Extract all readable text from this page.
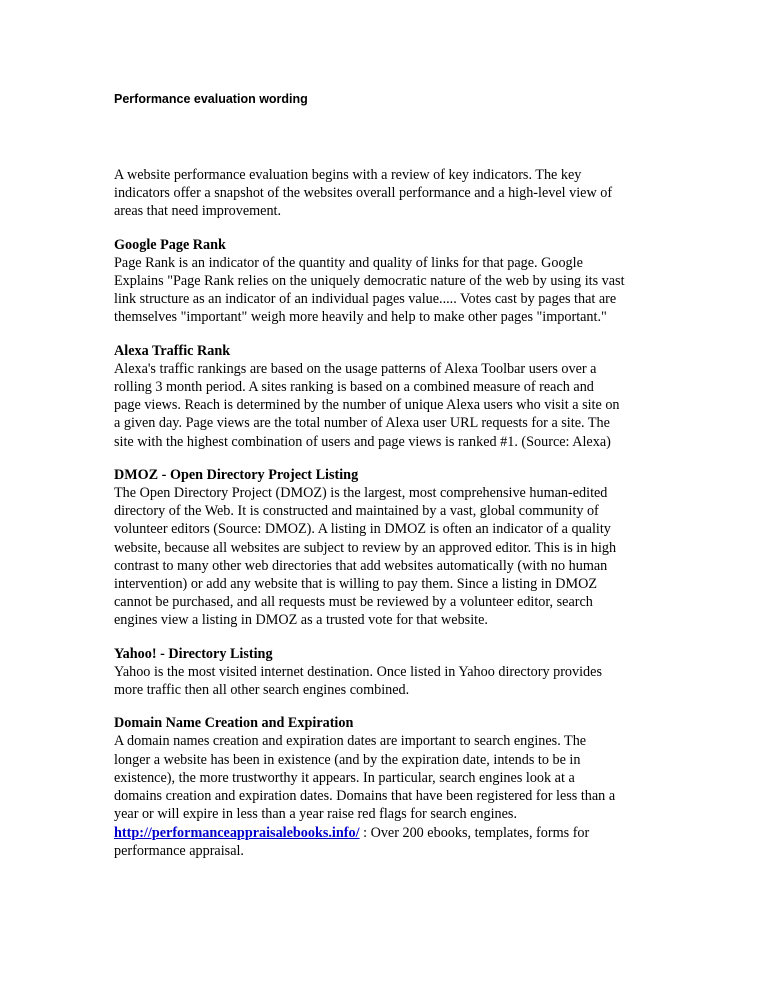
Performance evaluation wording

A website performance evaluation begins with a review of key indicators. The key
indicators offer a snapshot of the websites overall performance and a high-level view of
areas that need improvement.

Google Page Rank
Page Rank is an indicator of the quantity and quality of links for that page. Google
Explains "Page Rank relies on the uniquely democratic nature of the web by using its vast
link structure as an indicator of an individual pages value..... Votes cast by pages that are
themselves "important" weigh more heavily and help to make other pages "important."

Alexa Traffic Rank
Alexa's traffic rankings are based on the usage patterns of Alexa Toolbar users over a
rolling 3 month period. A sites ranking is based on a combined measure of reach and
page views. Reach is determined by the number of unique Alexa users who visit a site on
a given day. Page views are the total number of Alexa user URL requests for a site. The
site with the highest combination of users and page views is ranked #1. (Source: Alexa)

DMOZ - Open Directory Project Listing
The Open Directory Project (DMOZ) is the largest, most comprehensive human-edited
directory of the Web. It is constructed and maintained by a vast, global community of
volunteer editors (Source: DMOZ). A listing in DMOZ is often an indicator of a quality
website, because all websites are subject to review by an approved editor. This is in high
contrast to many other web directories that add websites automatically (with no human
intervention) or add any website that is willing to pay them. Since a listing in DMOZ
cannot be purchased, and all requests must be reviewed by a volunteer editor, search
engines view a listing in DMOZ as a trusted vote for that website.

Yahoo! - Directory Listing
Yahoo is the most visited internet destination. Once listed in Yahoo directory provides
more traffic then all other search engines combined.

Domain Name Creation and Expiration
A domain names creation and expiration dates are important to search engines. The
longer a website has been in existence (and by the expiration date, intends to be in
existence), the more trustworthy it appears. In particular, search engines look at a
domains creation and expiration dates. Domains that have been registered for less than a
year or will expire in less than a year raise red flags for search engines.

http://performanceappraisalebooks.info/ : Over 200 ebooks, templates, forms for
performance appraisal.
